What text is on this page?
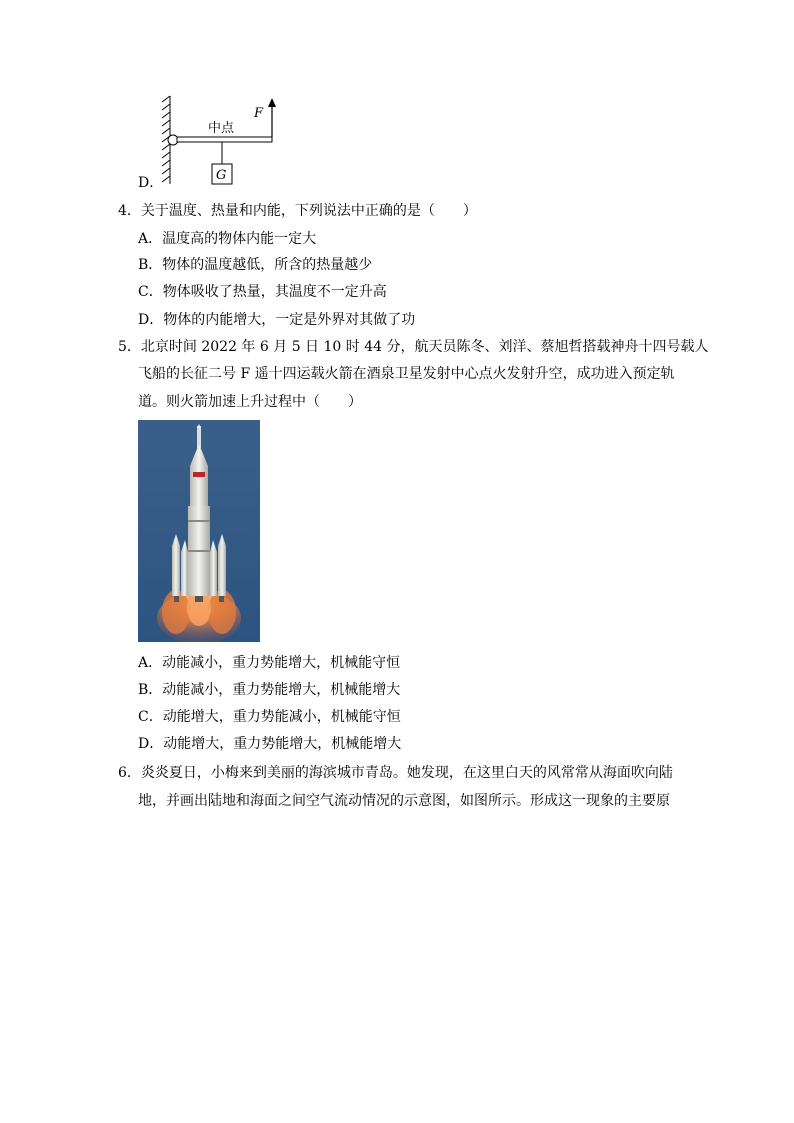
F
中点
G
D．
4．关于温度、热量和内能，下列说法中正确的是（　　）
A．温度高的物体内能一定大
B．物体的温度越低，所含的热量越少
C．物体吸收了热量，其温度不一定升高
D．物体的内能增大，一定是外界对其做了功
5．北京时间 2022 年 6 月 5 日 10 时 44 分，航天员陈冬、刘洋、蔡旭哲搭载神舟十四号载人
飞船的长征二号 F 遥十四运载火箭在酒泉卫星发射中心点火发射升空，成功进入预定轨
道。则火箭加速上升过程中（　　）
A．动能减小，重力势能增大，机械能守恒
B．动能减小，重力势能增大，机械能增大
C．动能增大，重力势能减小，机械能守恒
D．动能增大，重力势能增大，机械能增大
6．炎炎夏日，小梅来到美丽的海滨城市青岛。她发现，在这里白天的风常常从海面吹向陆
地，并画出陆地和海面之间空气流动情况的示意图，如图所示。形成这一现象的主要原
